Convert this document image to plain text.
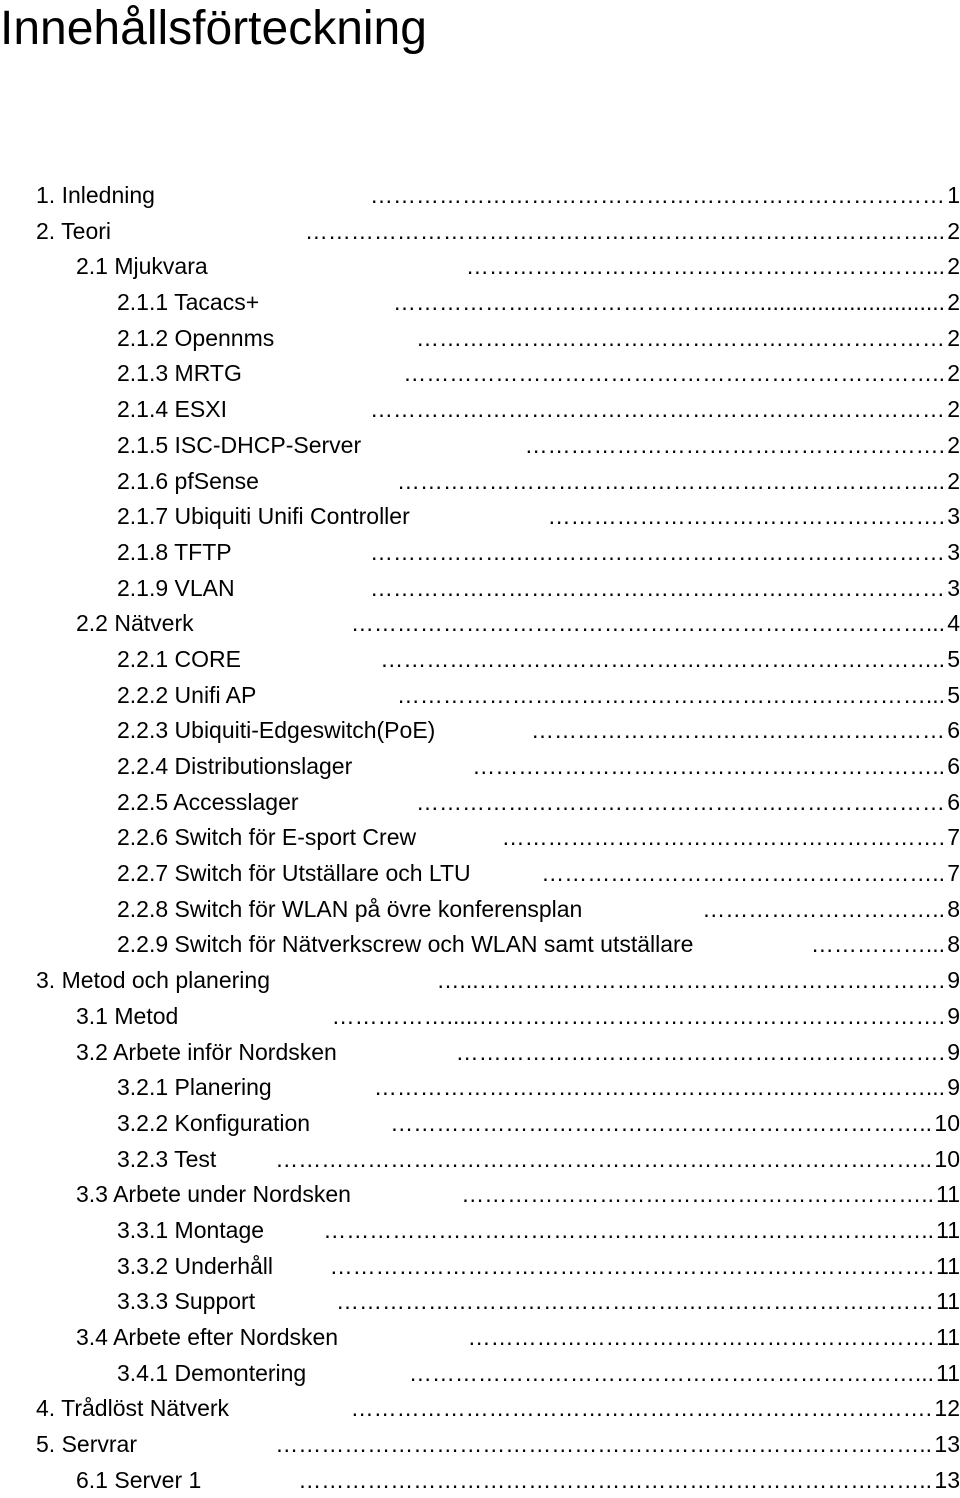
Innehållsförteckning
1. Inledning	………………………………………………………………… 1
2. Teori	………………………………………………………………………... 2
2.1 Mjukvara	……………………………………………………... 2
2.1.1 Tacacs+	…………………………………….................................... 2
2.1.2 Opennms	…………………………………………………………… 2
2.1.3 MRTG	…………………………………………………………….. 2
2.1.4 ESXI	………………………………………………………………… 2
2.1.5 ISC-DHCP-Server	………………………………………………. 2
2.1.6 pfSense	……………………………………………………………... 2
2.1.7 Ubiquiti Unifi Controller	……………………………………………. 3
2.1.8 TFTP	………………………………………………………………… 3
2.1.9 VLAN	………………………………………………………………… 3
2.2 Nätverk	…………………………………………………………………... 4
2.2.1 CORE	……………………………………………………………….. 5
2.2.2 Unifi AP	……………………………………………………………... 5
2.2.3 Ubiquiti-Edgeswitch(PoE)	……………………………………………… 6
2.2.4 Distributionslager	…………………………………………………….. 6
2.2.5 Accesslager	…………………………………………………………… 6
2.2.6 Switch för E-sport Crew	…………………………………………………. 7
2.2.7 Switch för Utställare och LTU	…………………………………………….. 7
2.2.8 Switch för WLAN på övre konferensplan	………………………….. 8
2.2.9 Switch för Nätverkscrew och WLAN samt utställare	……………... 8
3. Metod och planering	…...……………………………………………………. 9
3.1 Metod	…………….....……………………………………………………. 9
3.2 Arbete inför Nordsken	………………………………………………………. 9
3.2.1 Planering	………………………………………………………………... 9
3.2.2 Konfiguration	…………………………………………………………….. 10
3.2.3 Test	………………………………………………………………………….. 10
3.3 Arbete under Nordsken	…………………………………………………….. 11
3.3.1 Montage	…………………………………………………………………….. 11
3.3.2 Underhåll	……………………………………………………………………. 11
3.3.3 Support	…………………………………………………………………… 11
3.4 Arbete efter Nordsken	……………………………………………………. 11
3.4.1 Demontering	…………………………………………………………... 11
4. Trådlöst Nätverk	…………………………………………………………………. 12
5. Servrar	………………………………………………………………………….. 13
6.1 Server 1	……………………………………………………………………….. 13
